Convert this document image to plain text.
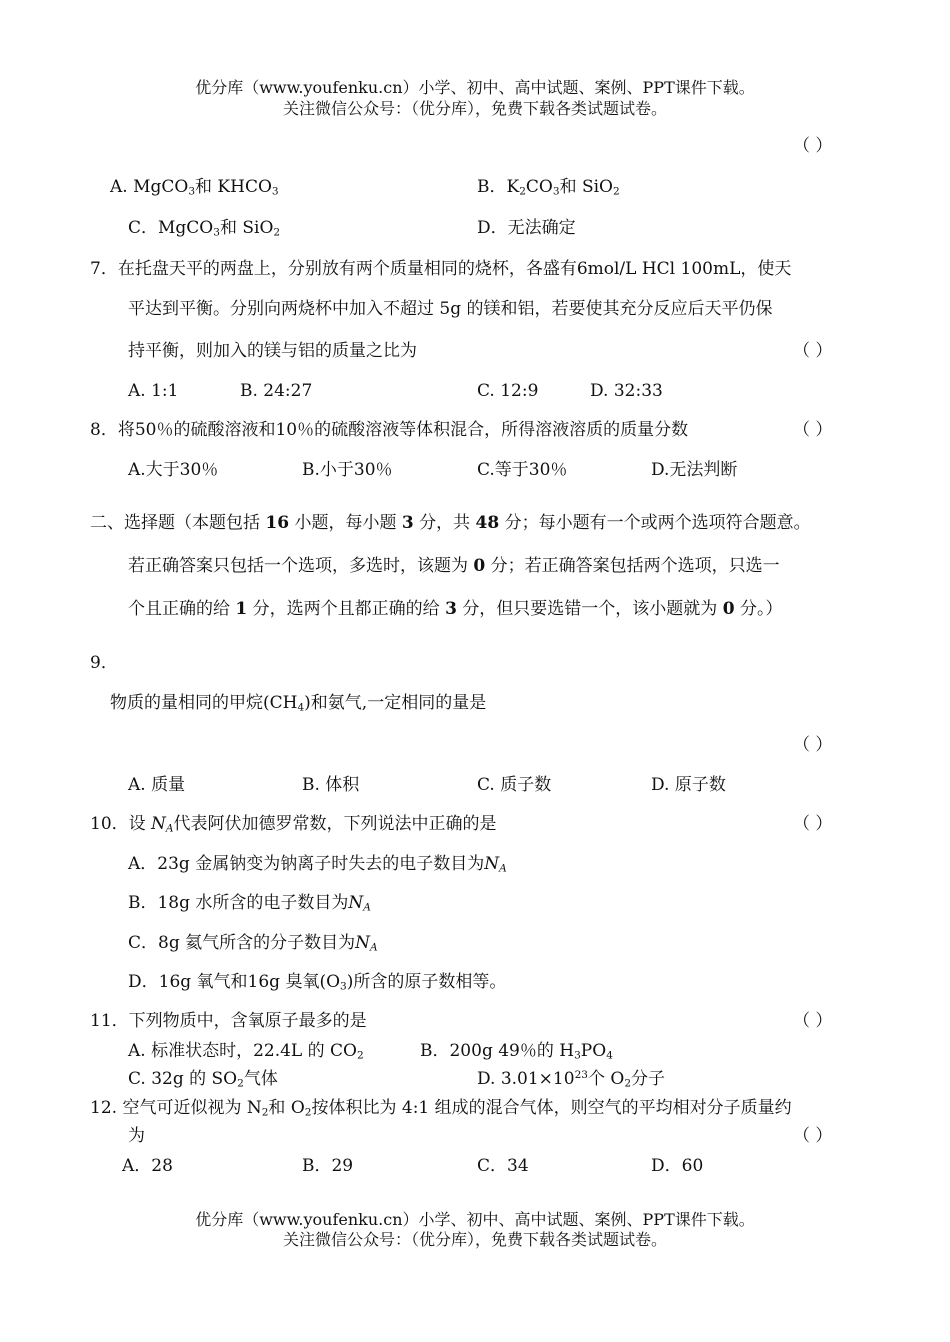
优分库（www.youfenku.cn）小学、初中、高中试题、案例、PPT课件下载。
关注微信公众号：（优分库），免费下载各类试题试卷。
（ ）
A. MgCO$_3$和 $KHCO_3$	B．$K_2CO_3$和 SiO$_2$
C．MgCO$_3$和 SiO$_2$	D．无法确定
7．在托盘天平的两盘上，分别放有两个质量相同的烧杯，各盛有6mol/L HCl 100mL，使天
平达到平衡。分别向两烧杯中加入不超过 5g 的镁和铝，若要使其充分反应后天平仍保
持平衡，则加入的镁与铝的质量之比为	（ ）
A. 1:1	B. 24:27	C. 12:9	D. 32:33
8．将50％的硫酸溶液和10％的硫酸溶液等体积混合，所得溶液溶质的质量分数	（ ）
A.大于30％	B.小于30％	C.等于30％	D.无法判断
二、选择题（本题包括 16 小题，每小题 3 分，共 48 分；每小题有一个或两个选项符合题意。
若正确答案只包括一个选项，多选时，该题为 0 分；若正确答案包括两个选项，只选一
个且正确的给 1 分，选两个且都正确的给 3 分，但只要选错一个，该小题就为 0 分。）
9．
物质的量相同的甲烷$(CH_4)$和氨气,一定相同的量是
（ ）
A. 质量	B. 体积	C. 质子数	D. 原子数
10．设 $N_A$代表阿伏加德罗常数，下列说法中正确的是	（ ）
A．23g 金属钠变为钠离子时失去的电子数目为$N_A$
B．18g 水所含的电子数目为$N_A$
C．8g 氦气所含的分子数目为$N_A$
D．16g 氧气和16g 臭氧$(O_3)$所含的原子数相等。
11．下列物质中，含氧原子最多的是	（ ）
A. 标准状态时，22.4L 的 $CO_2$	B．200g 49％的 $H_3PO_4$
C. 32g 的 $SO_2$气体	D. $3.01\times 10^{23}$个 $O_2$分子
12. 空气可近似视为 $N_2$和 $O_2$按体积比为 4:1 组成的混合气体，则空气的平均相对分子质量约
为	（ ）
A．28	B．29	C．34	D．60
优分库（www.youfenku.cn）小学、初中、高中试题、案例、PPT课件下载。
关注微信公众号：（优分库），免费下载各类试题试卷。
